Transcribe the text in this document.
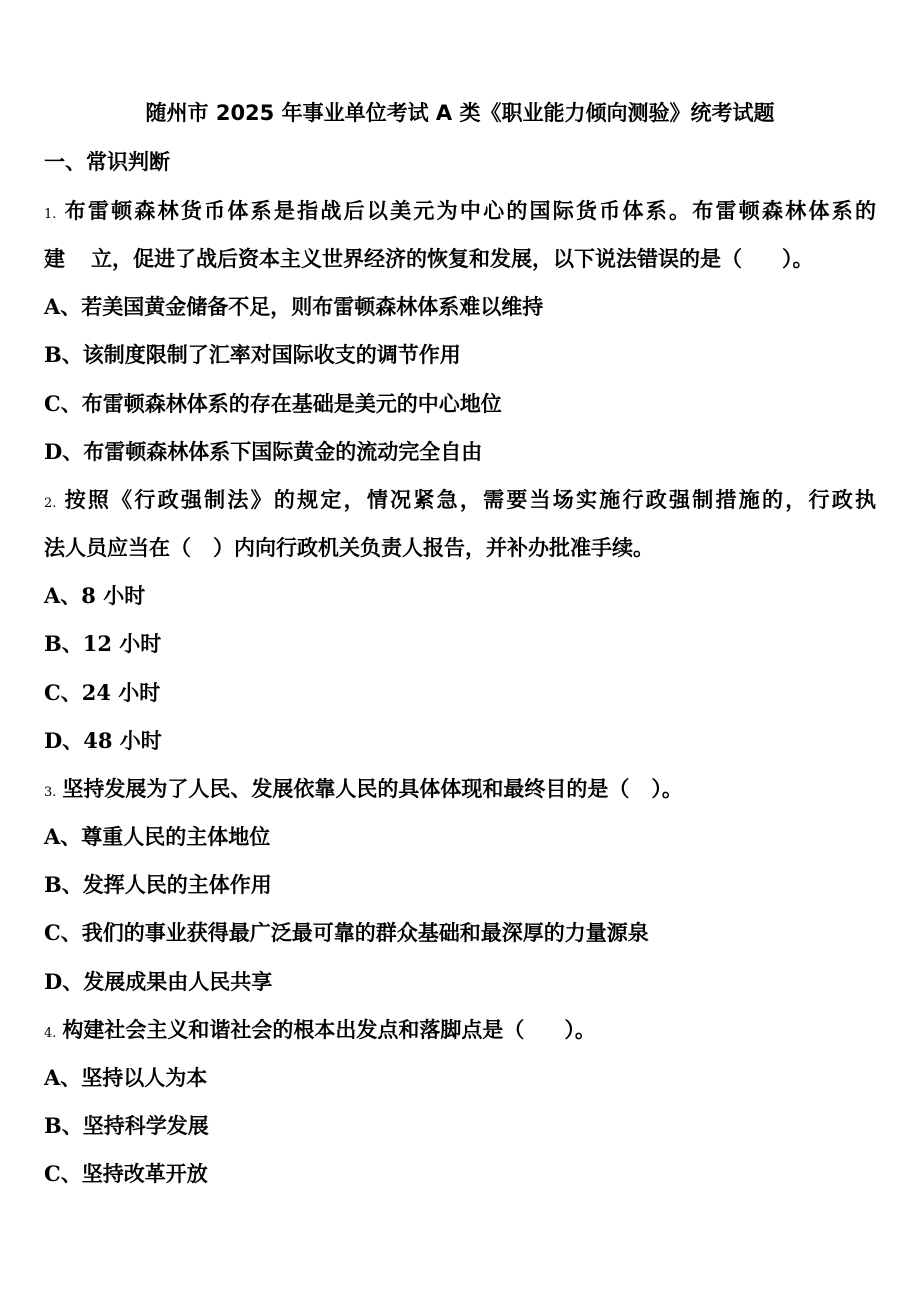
随州市 2025 年事业单位考试 A 类《职业能力倾向测验》统考试题
一、常识判断
1. 布雷顿森林货币体系是指战后以美元为中心的国际货币体系。布雷顿森林体系的
建 立，促进了战后资本主义世界经济的恢复和发展，以下说法错误的是（ ）。
A、若美国黄金储备不足，则布雷顿森林体系难以维持
B、该制度限制了汇率对国际收支的调节作用
C、布雷顿森林体系的存在基础是美元的中心地位
D、布雷顿森林体系下国际黄金的流动完全自由
2. 按照《行政强制法》的规定，情况紧急，需要当场实施行政强制措施的，行政执
法人员应当在（ ）内向行政机关负责人报告，并补办批准手续。
A、8 小时
B、12 小时
C、24 小时
D、48 小时
3. 坚持发展为了人民、发展依靠人民的具体体现和最终目的是（ ）。
A、尊重人民的主体地位
B、发挥人民的主体作用
C、我们的事业获得最广泛最可靠的群众基础和最深厚的力量源泉
D、发展成果由人民共享
4. 构建社会主义和谐社会的根本出发点和落脚点是（ ）。
A、坚持以人为本
B、坚持科学发展
C、坚持改革开放
